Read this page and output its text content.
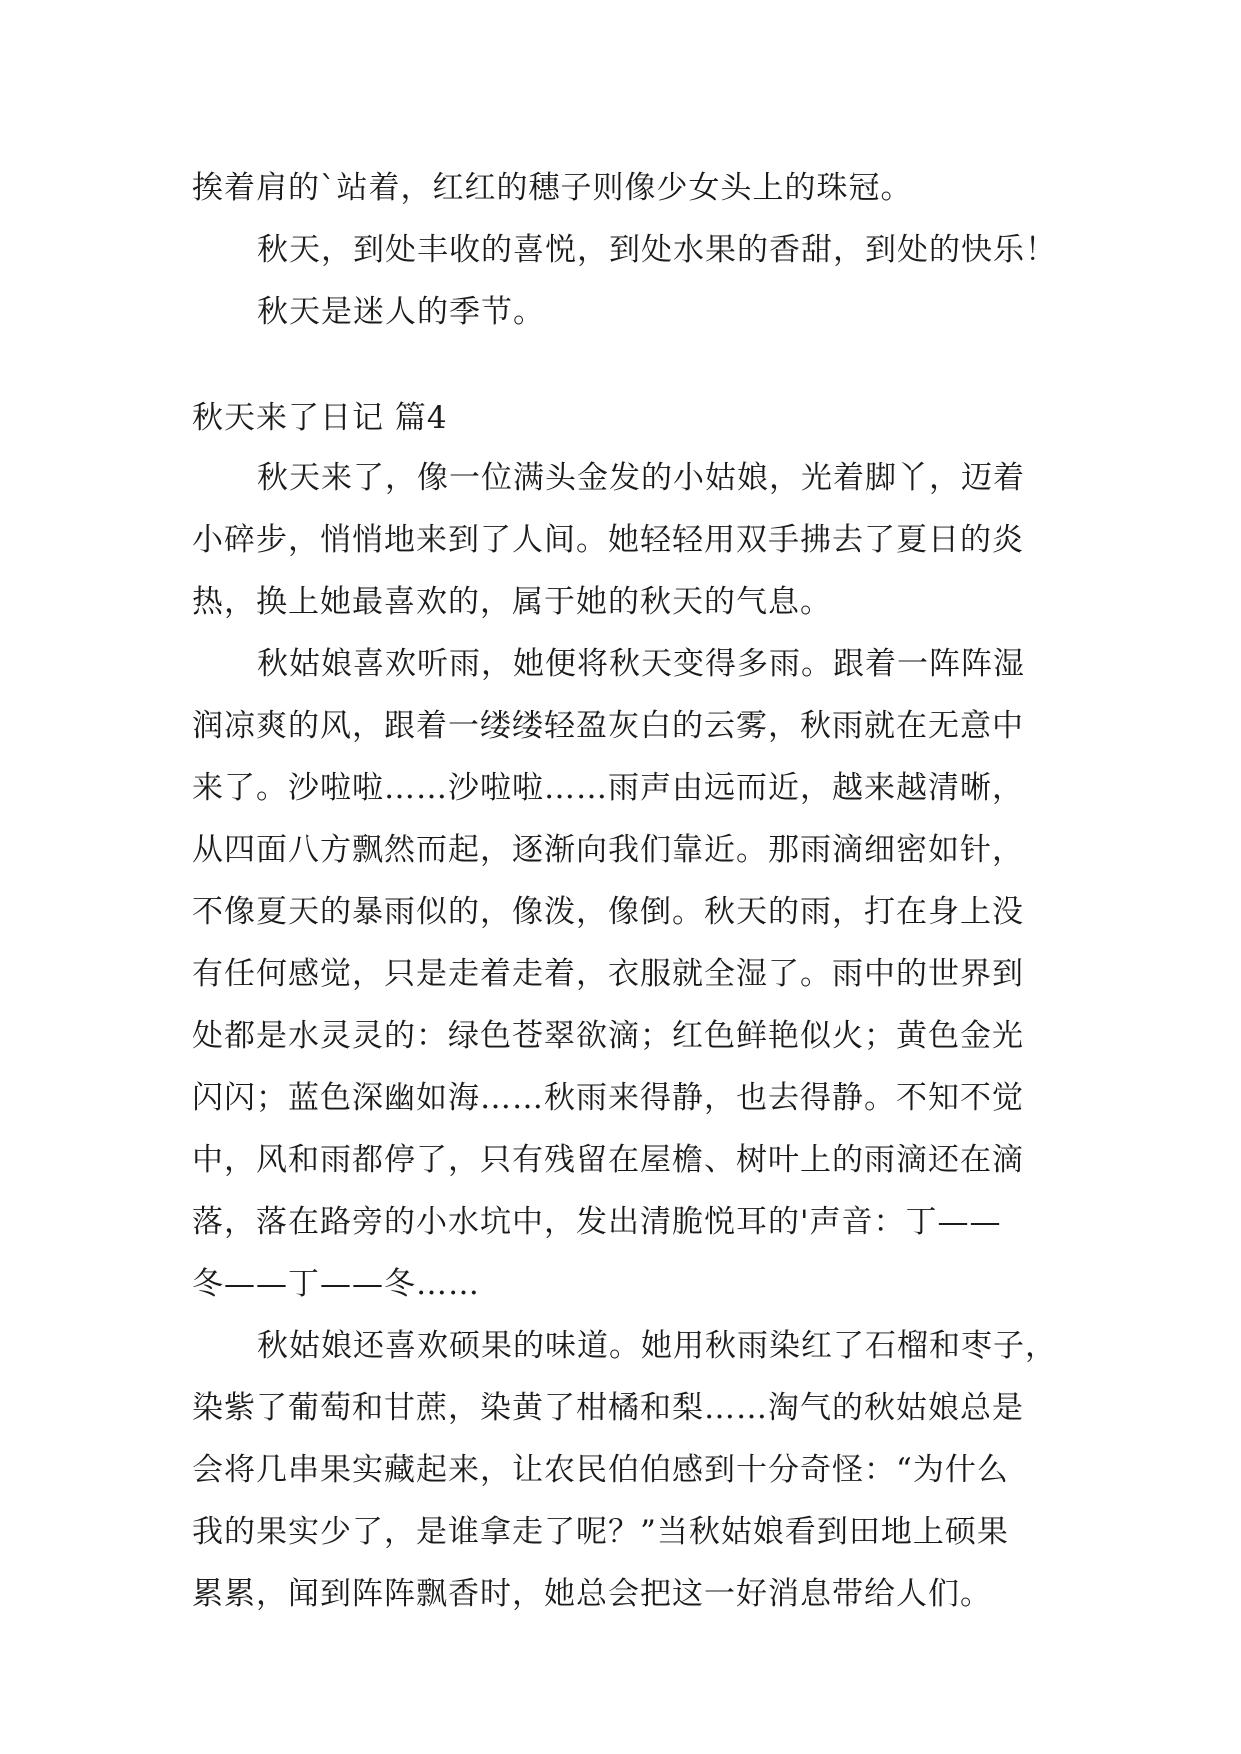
挨着肩的`站着，红红的穗子则像少女头上的珠冠。
秋天，到处丰收的喜悦，到处水果的香甜，到处的快乐！
秋天是迷人的季节。
秋天来了日记 篇4
秋天来了，像一位满头金发的小姑娘，光着脚丫，迈着
小碎步，悄悄地来到了人间。她轻轻用双手拂去了夏日的炎
热，换上她最喜欢的，属于她的秋天的气息。
秋姑娘喜欢听雨，她便将秋天变得多雨。跟着一阵阵湿
润凉爽的风，跟着一缕缕轻盈灰白的云雾，秋雨就在无意中
来了。沙啦啦……沙啦啦……雨声由远而近，越来越清晰，
从四面八方飘然而起，逐渐向我们靠近。那雨滴细密如针，
不像夏天的暴雨似的，像泼，像倒。秋天的雨，打在身上没
有任何感觉，只是走着走着，衣服就全湿了。雨中的世界到
处都是水灵灵的：绿色苍翠欲滴；红色鲜艳似火；黄色金光
闪闪；蓝色深幽如海……秋雨来得静，也去得静。不知不觉
中，风和雨都停了，只有残留在屋檐、树叶上的雨滴还在滴
落，落在路旁的小水坑中，发出清脆悦耳的'声音：丁——
冬——丁——冬……
秋姑娘还喜欢硕果的味道。她用秋雨染红了石榴和枣子，
染紫了葡萄和甘蔗，染黄了柑橘和梨……淘气的秋姑娘总是
会将几串果实藏起来，让农民伯伯感到十分奇怪：“为什么
我的果实少了，是谁拿走了呢？”当秋姑娘看到田地上硕果
累累，闻到阵阵飘香时，她总会把这一好消息带给人们。
